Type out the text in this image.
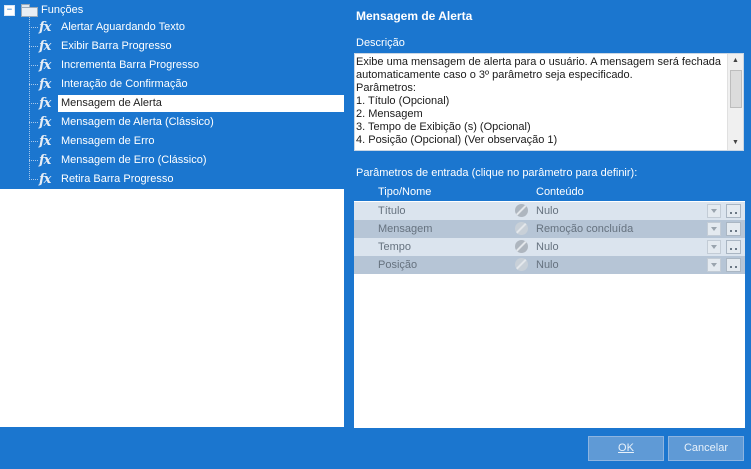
−	Funções
fx Alertar Aguardando Texto
fx Exibir Barra Progresso
fx Incrementa Barra Progresso
fx Interação de Confirmação
fx Mensagem de Alerta
fx Mensagem de Alerta (Clássico)
fx Mensagem de Erro
fx Mensagem de Erro (Clássico)
fx Retira Barra Progresso
Mensagem de Alerta
Descrição
Exibe uma mensagem de alerta para o usuário. A mensagem será fechada automaticamente caso o 3º parâmetro seja especificado.
Parâmetros:
1. Título (Opcional)
2. Mensagem
3. Tempo de Exibição (s) (Opcional)
4. Posição (Opcional) (Ver observação 1)
▲
▼
Parâmetros de entrada (clique no parâmetro para definir):
Tipo/Nome	Conteúdo
Título	Nulo
Mensagem	Remoção concluída
Tempo	Nulo
Posição	Nulo
OK	Cancelar
